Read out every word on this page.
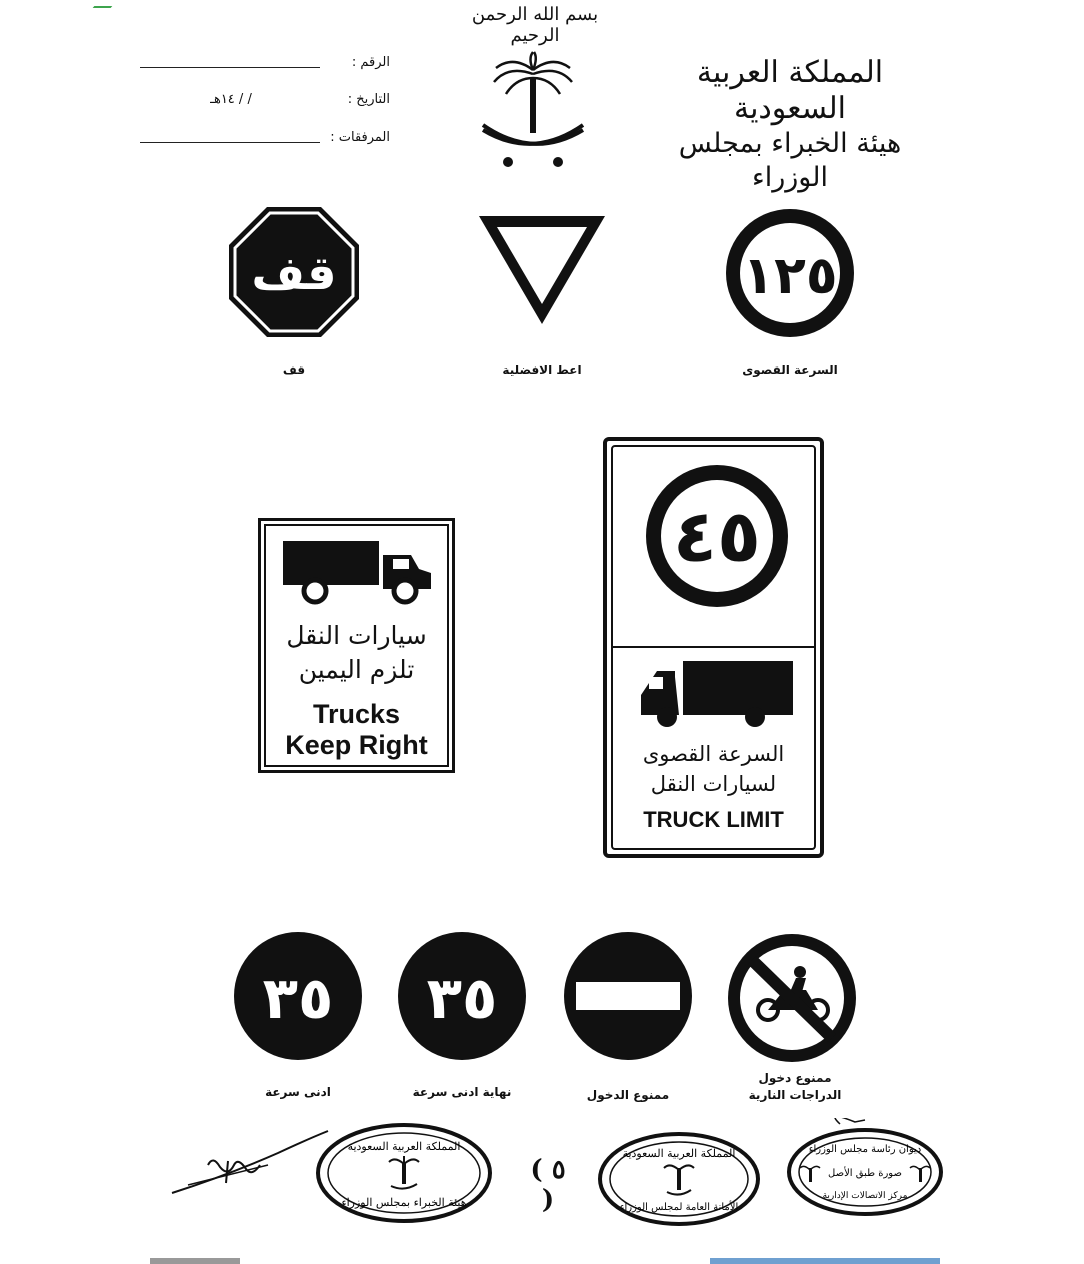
بسم الله الرحمن الرحيم
المملكة العربية السعودية
هيئة الخبراء بمجلس الوزراء
الرقم :
التاريخ :
/ / ١٤هـ
المرفقات :
قف
قف	اعط الافضلية
١٢٥
السرعة القصوى
سيارات النقل
تلزم اليمين
Trucks
Keep Right
٤٥
السرعة القصوى
لسيارات النقل
TRUCK LIMIT
٣٥
ادنى سرعة
٣٥
نهاية ادنى سرعة	ممنوع الدخول
ممنوع دخول
الدراجات النارية
المملكة العربية السعودية
هيئة الخبراء بمجلس الوزراء
( ٥ )
المملكة العربية السعودية
الأمانة العامة لمجلس الوزراء
ديوان رئاسة مجلس الوزراء
صورة طبق الأصل
مركز الاتصالات الإدارية
